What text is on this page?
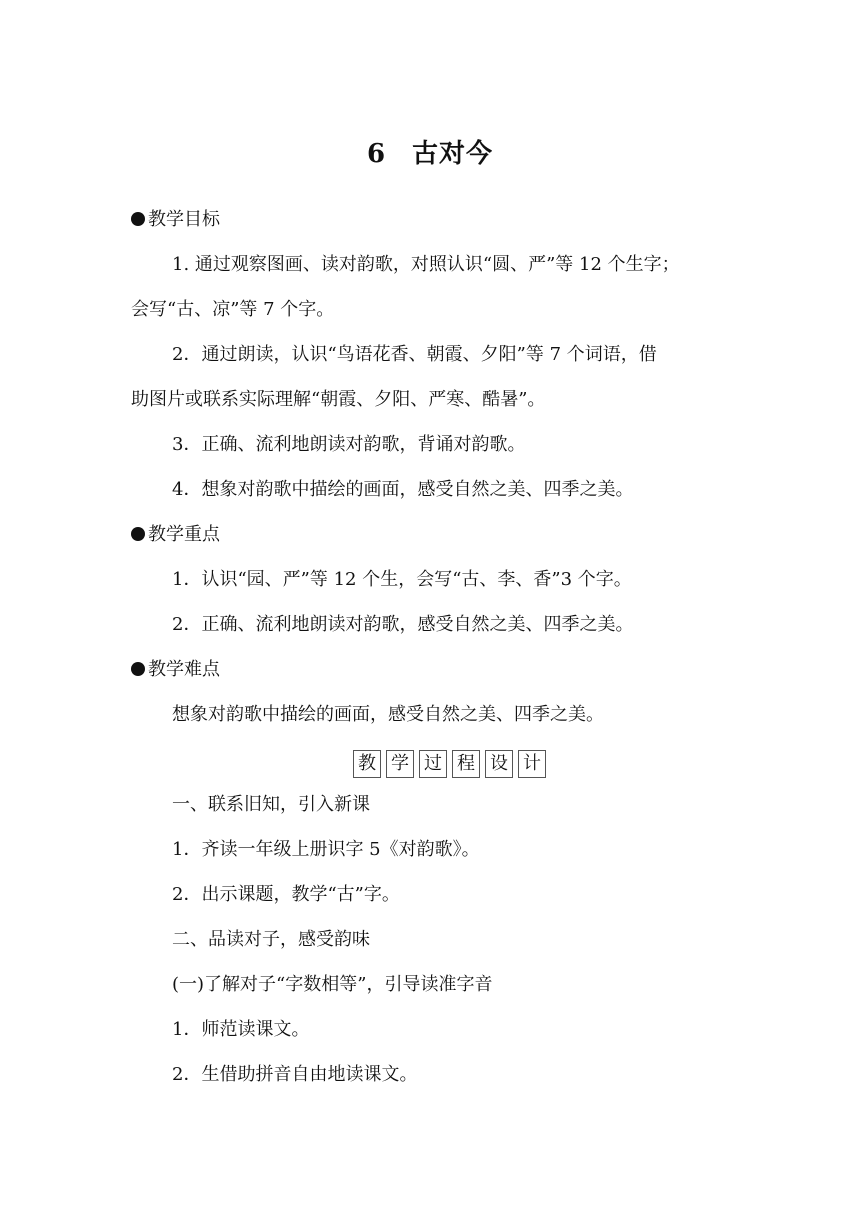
6 古对今
教学目标
1. 通过观察图画、读对韵歌，对照认识“圆、严”等 12 个生字；
会写“古、凉”等 7 个字。
2．通过朗读，认识“鸟语花香、朝霞、夕阳”等 7 个词语，借
助图片或联系实际理解“朝霞、夕阳、严寒、酷暑”。
3．正确、流利地朗读对韵歌，背诵对韵歌。
4．想象对韵歌中描绘的画面，感受自然之美、四季之美。
教学重点
1．认识“园、严”等 12 个生，会写“古、李、香”3 个字。
2．正确、流利地朗读对韵歌，感受自然之美、四季之美。
教学难点
想象对韵歌中描绘的画面，感受自然之美、四季之美。
教 学 过 程 设 计
一、联系旧知，引入新课
1．齐读一年级上册识字 5《对韵歌》。
2．出示课题，教学“古”字。
二、品读对子，感受韵味
(一)了解对子“字数相等”，引导读准字音
1．师范读课文。
2．生借助拼音自由地读课文。
